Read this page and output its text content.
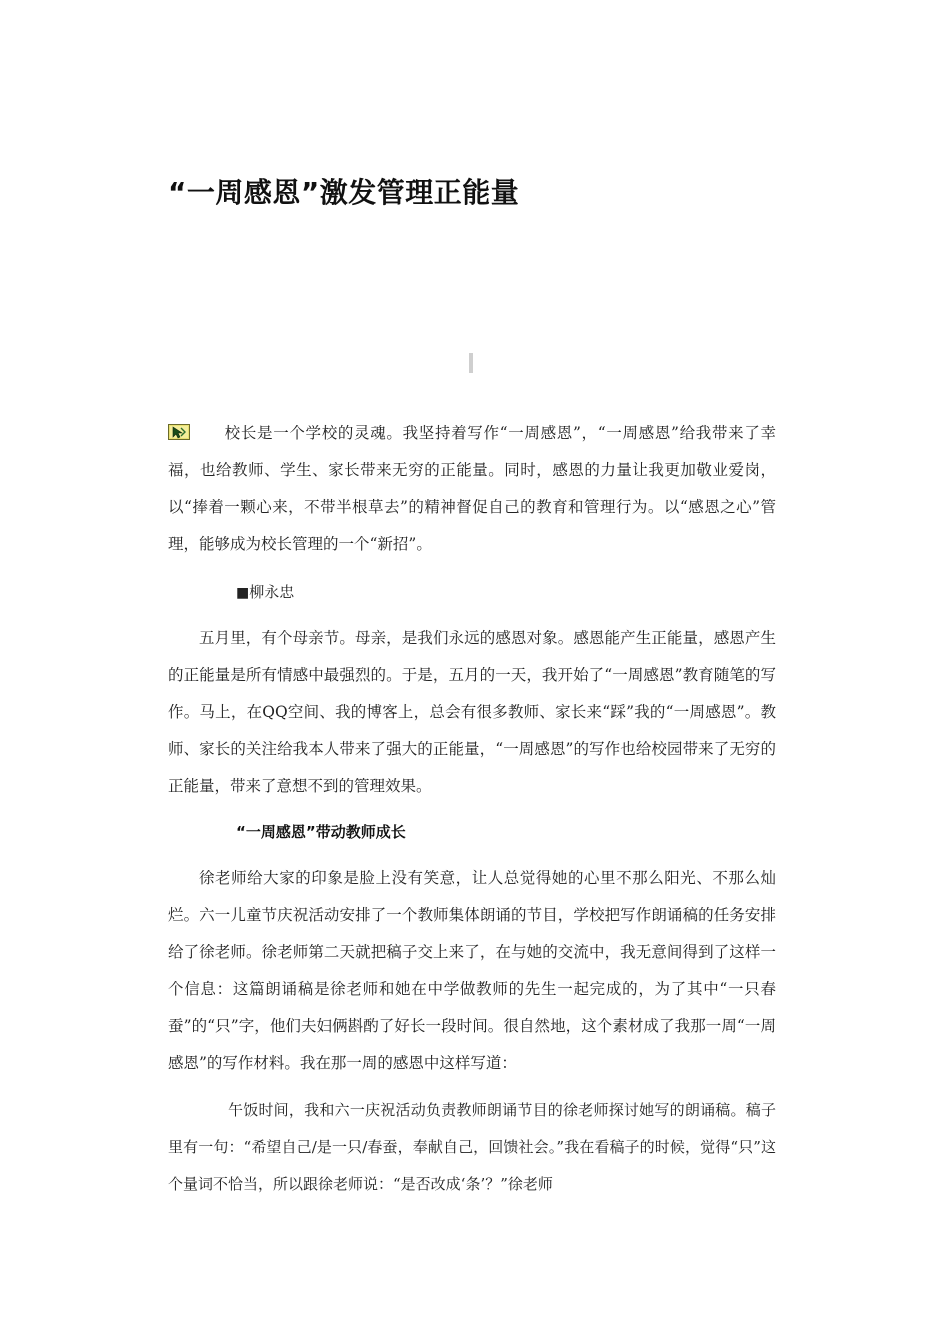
“一周感恩”激发管理正能量

校长是一个学校的灵魂。我坚持着写作“一周感恩”，“一周感恩”给我带来了幸福，也给教师、学生、家长带来无穷的正能量。同时，感恩的力量让我更加敬业爱岗，以“捧着一颗心来，不带半根草去”的精神督促自己的教育和管理行为。以“感恩之心”管理，能够成为校长管理的一个“新招”。

■柳永忠

五月里，有个母亲节。母亲，是我们永远的感恩对象。感恩能产生正能量，感恩产生的正能量是所有情感中最强烈的。于是，五月的一天，我开始了“一周感恩”教育随笔的写作。马上，在QQ空间、我的博客上，总会有很多教师、家长来“踩”我的“一周感恩”。教师、家长的关注给我本人带来了强大的正能量，“一周感恩”的写作也给校园带来了无穷的正能量，带来了意想不到的管理效果。

“一周感恩”带动教师成长

徐老师给大家的印象是脸上没有笑意，让人总觉得她的心里不那么阳光、不那么灿烂。六一儿童节庆祝活动安排了一个教师集体朗诵的节目，学校把写作朗诵稿的任务安排给了徐老师。徐老师第二天就把稿子交上来了，在与她的交流中，我无意间得到了这样一个信息：这篇朗诵稿是徐老师和她在中学做教师的先生一起完成的，为了其中“一只春蚕”的“只”字，他们夫妇俩斟酌了好长一段时间。很自然地，这个素材成了我那一周“一周感恩”的写作材料。我在那一周的感恩中这样写道：

午饭时间，我和六一庆祝活动负责教师朗诵节目的徐老师探讨她写的朗诵稿。稿子里有一句：“希望自己/是一只/春蚕，奉献自己，回馈社会。”我在看稿子的时候，觉得“只”这个量词不恰当，所以跟徐老师说：“是否改成‘条’？”徐老师
